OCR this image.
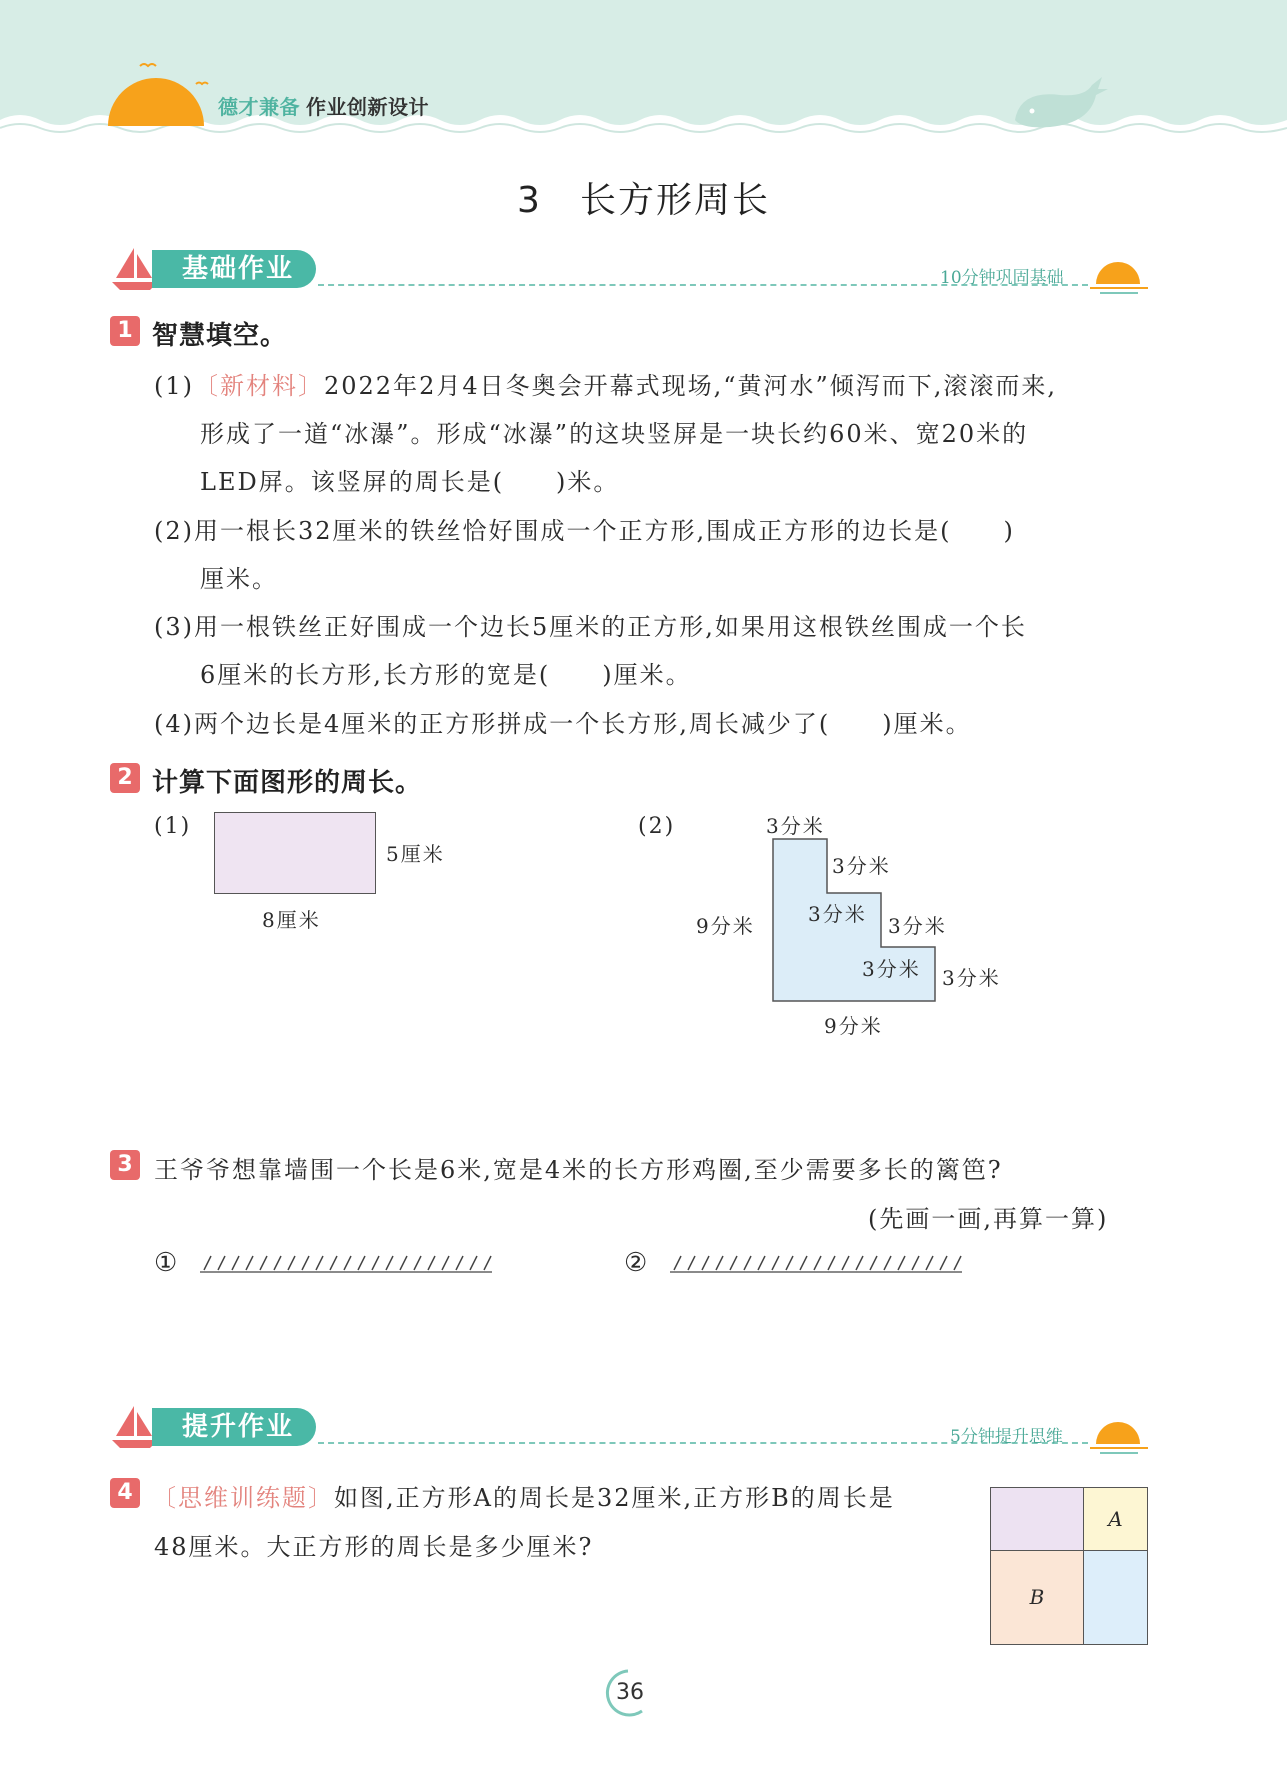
德才兼备 作业创新设计
3　长方形周长
基础作业	10分钟巩固基础
1 智慧填空。
(1)〔新材料〕2022年2月4日冬奥会开幕式现场,“黄河水”倾泻而下,滚滚而来,
形成了一道“冰瀑”。形成“冰瀑”的这块竖屏是一块长约60米、宽20米的
LED屏。该竖屏的周长是(　　)米。
(2)用一根长32厘米的铁丝恰好围成一个正方形,围成正方形的边长是(　　)
厘米。
(3)用一根铁丝正好围成一个边长5厘米的正方形,如果用这根铁丝围成一个长
6厘米的长方形,长方形的宽是(　　)厘米。
(4)两个边长是4厘米的正方形拼成一个长方形,周长减少了(　　)厘米。
2 计算下面图形的周长。
(1)
5厘米
8厘米
(2)	3分米
3分米
3分米 3分米
3分米 3分米
9分米
9分米
3 王爷爷想靠墙围一个长是6米,宽是4米的长方形鸡圈,至少需要多长的篱笆?
(先画一画,再算一算)
①	②
提升作业	5分钟提升思维
4 〔思维训练题〕如图,正方形A的周长是32厘米,正方形B的周长是
48厘米。大正方形的周长是多少厘米?
A
B
36
